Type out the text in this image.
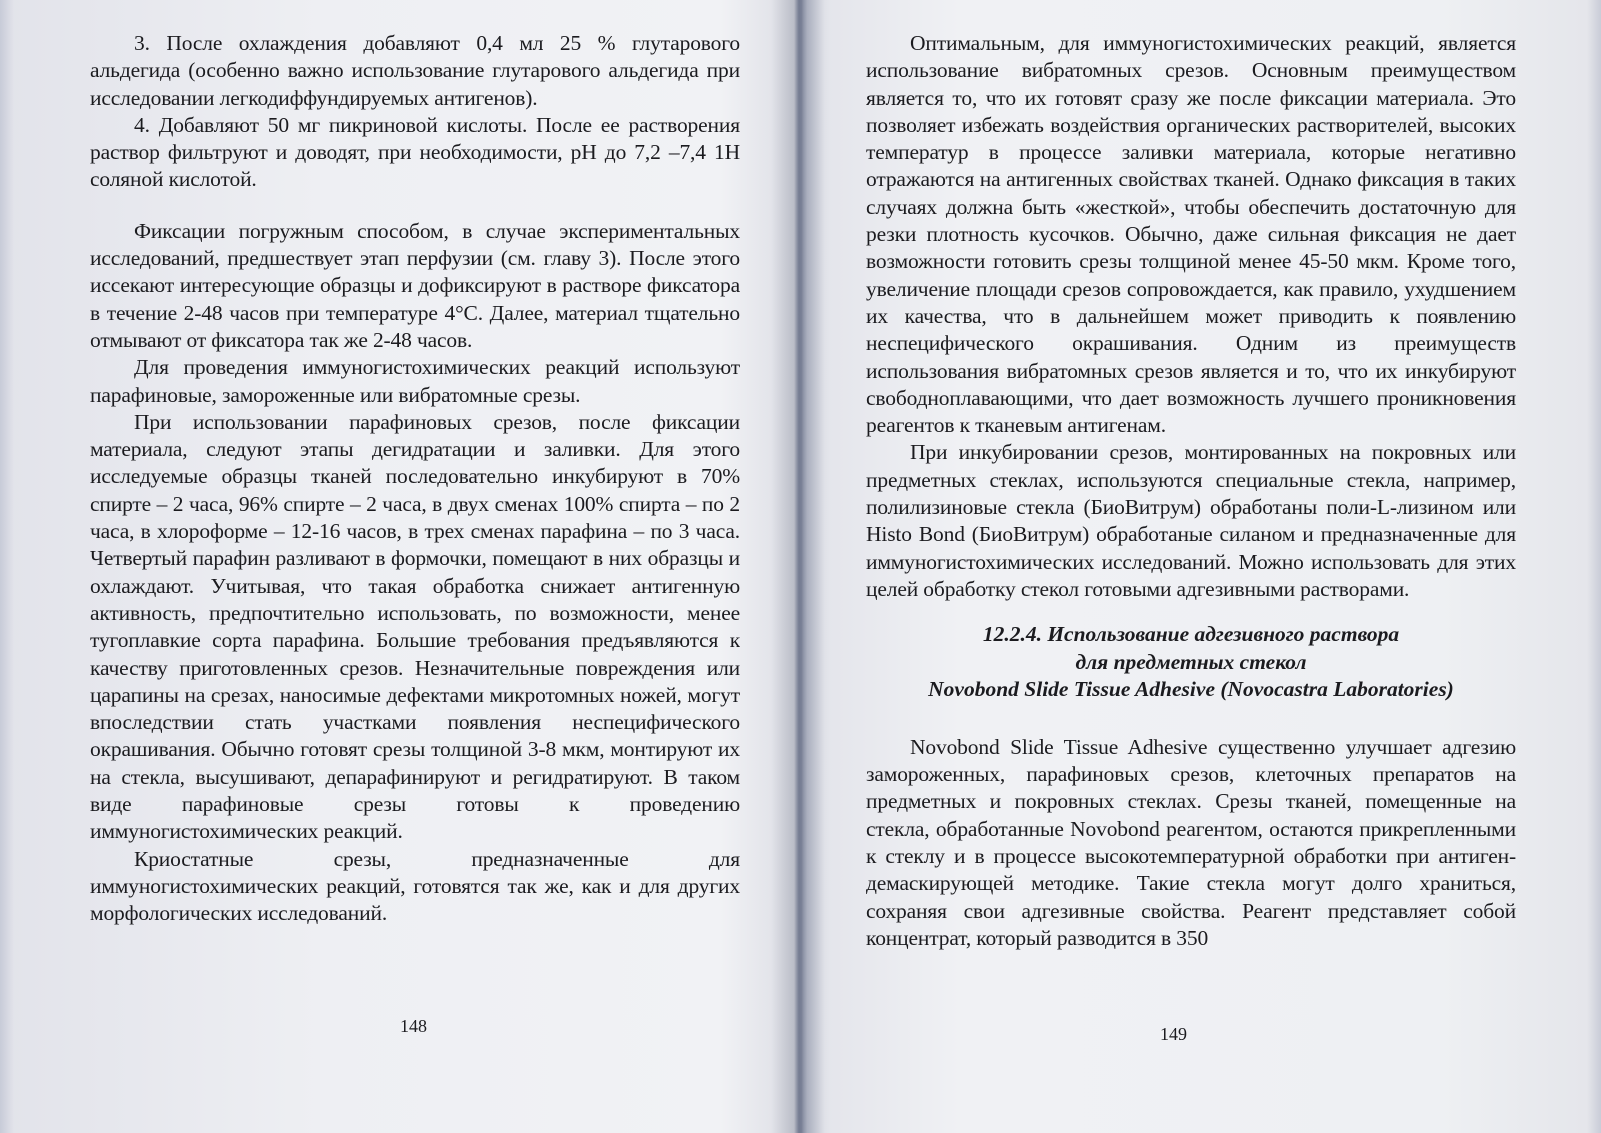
3. После охлаждения добавляют 0,4 мл 25 % глутарового альдегида (особенно важно использование глутарового альдегида при исследовании легкодиффундируемых антигенов).

4. Добавляют 50 мг пикриновой кислоты. После ее растворения раствор фильтруют и доводят, при необходимости, pH до 7,2 –7,4 1Н соляной кислотой.

Фиксации погружным способом, в случае экспериментальных исследований, предшествует этап перфузии (см. главу 3). После этого иссекают интересующие образцы и дофиксируют в растворе фиксатора в течение 2-48 часов при температуре 4°С. Далее, материал тщательно отмывают от фиксатора так же 2-48 часов.

Для проведения иммуногистохимических реакций используют парафиновые, замороженные или вибратомные срезы.

При использовании парафиновых срезов, после фиксации материала, следуют этапы дегидратации и заливки. Для этого исследуемые образцы тканей последовательно инкубируют в 70% спирте – 2 часа, 96% спирте – 2 часа, в двух сменах 100% спирта – по 2 часа, в хлороформе – 12-16 часов, в трех сменах парафина – по 3 часа. Четвертый парафин разливают в формочки, помещают в них образцы и охлаждают. Учитывая, что такая обработка снижает антигенную активность, предпочтительно использовать, по возможности, менее тугоплавкие сорта парафина. Большие требования предъявляются к качеству приготовленных срезов. Незначительные повреждения или царапины на срезах, наносимые дефектами микротомных ножей, могут впоследствии стать участками появления неспецифического окрашивания. Обычно готовят срезы толщиной 3-8 мкм, монтируют их на стекла, высушивают, депарафинируют и регидратируют. В таком виде парафиновые срезы готовы к проведению иммуногистохимических реакций.

Криостатные срезы, предназначенные для иммуногистохимических реакций, готовятся так же, как и для других морфологических исследований.

148

Оптимальным, для иммуногистохимических реакций, является использование вибратомных срезов. Основным преимуществом является то, что их готовят сразу же после фиксации материала. Это позволяет избежать воздействия органических растворителей, высоких температур в процессе заливки материала, которые негативно отражаются на антигенных свойствах тканей. Однако фиксация в таких случаях должна быть «жесткой», чтобы обеспечить достаточную для резки плотность кусочков. Обычно, даже сильная фиксация не дает возможности готовить срезы толщиной менее 45-50 мкм. Кроме того, увеличение площади срезов сопровождается, как правило, ухудшением их качества, что в дальнейшем может приводить к появлению неспецифического окрашивания. Одним из преимуществ использования вибратомных срезов является и то, что их инкубируют свободноплавающими, что дает возможность лучшего проникновения реагентов к тканевым антигенам.

При инкубировании срезов, монтированных на покровных или предметных стеклах, используются специальные стекла, например, полилизиновые стекла (БиоВитрум) обработаны поли-L-лизином или Histo Bond (БиоВитрум) обработаные силаном и предназначенные для иммуногистохимических исследований. Можно использовать для этих целей обработку стекол готовыми адгезивными растворами.

12.2.4. Использование адгезивного раствора
для предметных стекол
Novobond Slide Tissue Adhesive (Novocastra Laboratories)

Novobond Slide Tissue Adhesive существенно улучшает адгезию замороженных, парафиновых срезов, клеточных препаратов на предметных и покровных стеклах. Срезы тканей, помещенные на стекла, обработанные Novobond реагентом, остаются прикрепленными к стеклу и в процессе высокотемпературной обработки при антиген-демаскирующей методике. Такие стекла могут долго храниться, сохраняя свои адгезивные свойства. Реагент представляет собой концентрат, который разводится в 350

149
